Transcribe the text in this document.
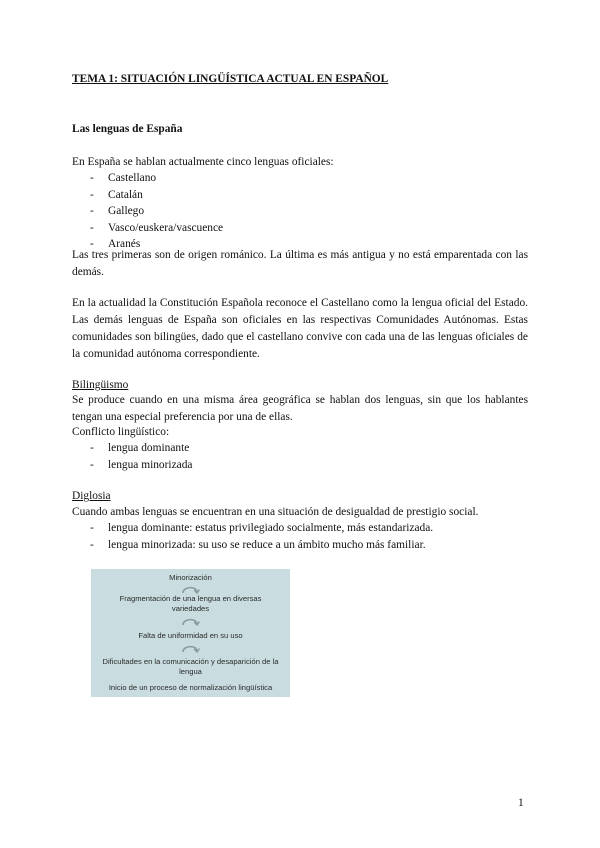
TEMA 1: SITUACIÓN LINGÜÍSTICA ACTUAL EN ESPAÑOL
Las lenguas de España
En España se hablan actualmente cinco lenguas oficiales:
- Castellano
- Catalán
- Gallego
- Vasco/euskera/vascuence
- Aranés
Las tres primeras son de origen románico. La última es más antigua y no está emparentada con las demás.
En la actualidad la Constitución Española reconoce el Castellano como la lengua oficial del Estado. Las demás lenguas de España son oficiales en las respectivas Comunidades Autónomas. Estas comunidades son bilingües, dado que el castellano convive con cada una de las lenguas oficiales de la comunidad autónoma correspondiente.
Bilingüismo
Se produce cuando en una misma área geográfica se hablan dos lenguas, sin que los hablantes tengan una especial preferencia por una de ellas.
Conflicto lingüístico:
- lengua dominante
- lengua minorizada
Diglosia
Cuando ambas lenguas se encuentran en una situación de desigualdad de prestigio social.
- lengua dominante: estatus privilegiado socialmente, más estandarizada.
- lengua minorizada: su uso se reduce a un ámbito mucho más familiar.
Minorización
Fragmentación de una lengua en diversas variedades
Falta de uniformidad en su uso
Dificultades en la comunicación y desaparición de la lengua
Inicio de un proceso de normalización lingüística
1
